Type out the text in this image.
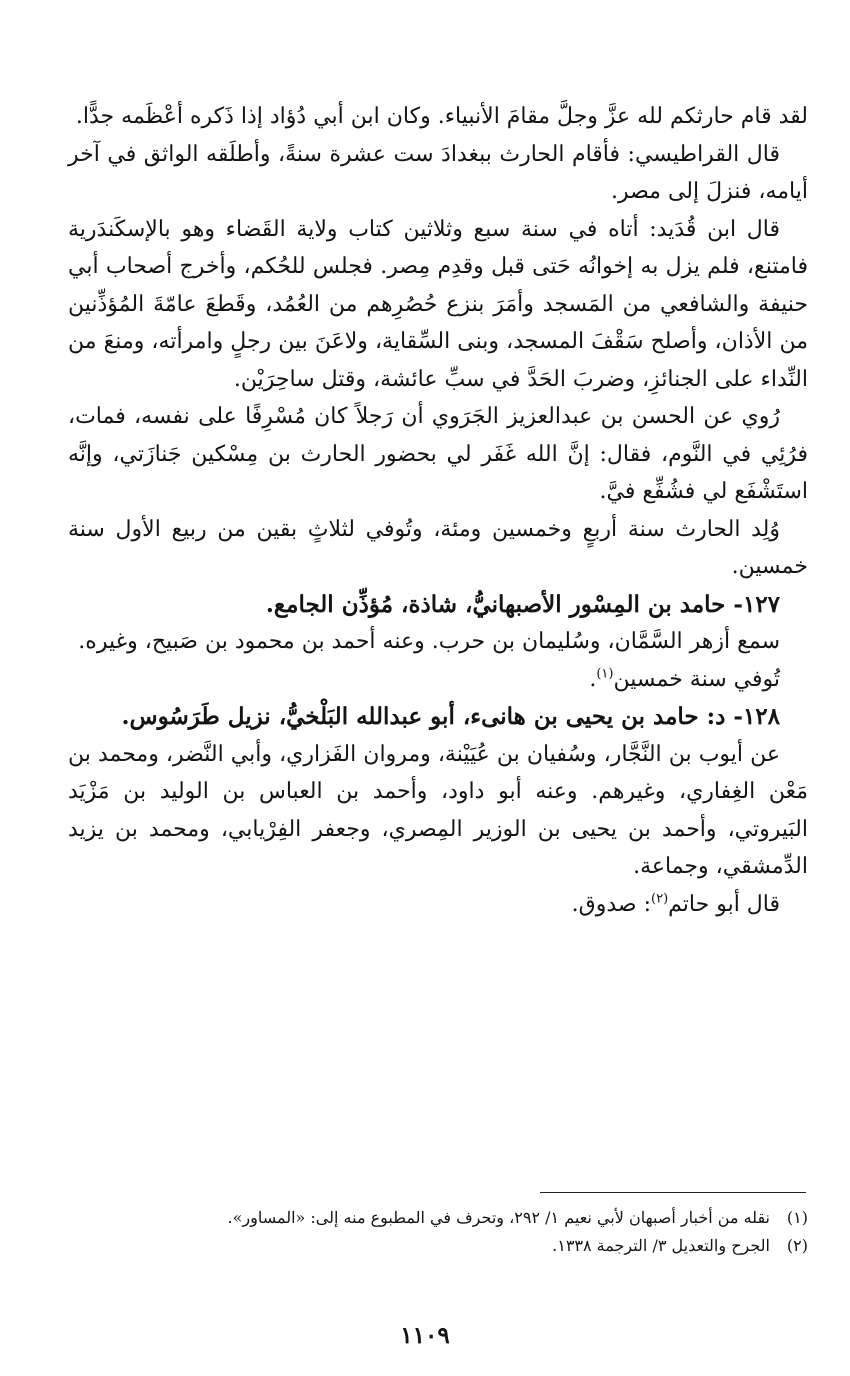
لقد قام حارثكم لله عزَّ وجلَّ مقامَ الأنبياء. وكان ابن أبي دُؤاد إذا ذَكره أعْظَمه جدًّا.

قال القراطيسي: فأقام الحارث ببغدادَ ست عشرة سنةً، وأطلَقه الواثق في آخر أيامه، فنزلَ إلى مصر.

قال ابن قُدَيد: أتاه في سنة سبع وثلاثين كتاب ولاية القَضاء وهو بالإسكَندَرية فامتنع، فلم يزل به إخوانُه حَتى قبل وقدِم مِصر. فجلس للحُكم، وأخرج أصحاب أبي حنيفة والشافعي من المَسجد وأمَرَ بنزع حُصُرِهم من العُمُد، وقَطعَ عامّةَ المُؤذِّنين من الأذان، وأصلح سَقْفَ المسجد، وبنى السِّقاية، ولاعَنَ بين رجلٍ وامرأته، ومنعَ من النِّداء على الجنائزِ، وضربَ الحَدَّ في سبِّ عائشة، وقتل ساحِرَيْن.

رُوي عن الحسن بن عبدالعزيز الجَرَوي أن رَجلاً كان مُسْرِفًا على نفسه، فمات، فرُئِي في النَّوم، فقال: إنَّ الله غَفَر لي بحضور الحارث بن مِسْكين جَنازَتي، وإنَّه استَشْفَع لي فشُفِّع فيَّ.

وُلِد الحارث سنة أربعٍ وخمسين ومئة، وتُوفي لثلاثٍ بقين من ربيع الأول سنة خمسين.

١٢٧- حامد بن المِسْور الأصبهانيُّ، شاذة، مُؤذِّن الجامع.

سمع أزهر السَّمَّان، وسُليمان بن حرب. وعنه أحمد بن محمود بن صَبيح، وغيره.

تُوفي سنة خمسين$^{(١)}$.

١٢٨- د: حامد بن يحيى بن هانىء، أبو عبدالله البَلْخيُّ، نزيل طَرَسُوس.

عن أيوب بن النَّجَّار، وسُفيان بن عُيَيْنة، ومروان الفَزاري، وأبي النَّضر، ومحمد بن مَعْن الغِفاري، وغيرهم. وعنه أبو داود، وأحمد بن العباس بن الوليد بن مَزْيَد البَيروتي، وأحمد بن يحيى بن الوزير المِصري، وجعفر الفِرْيابي، ومحمد بن يزيد الدِّمشقي، وجماعة.

قال أبو حاتم$^{(٢)}$: صدوق.

(١)نقله من أخبار أصبهان لأبي نعيم ١/ ٢٩٢، وتحرف في المطبوع منه إلى: «المساور».

(٢)الجرح والتعديل ٣/ الترجمة ١٣٣٨.

١١٠٩
